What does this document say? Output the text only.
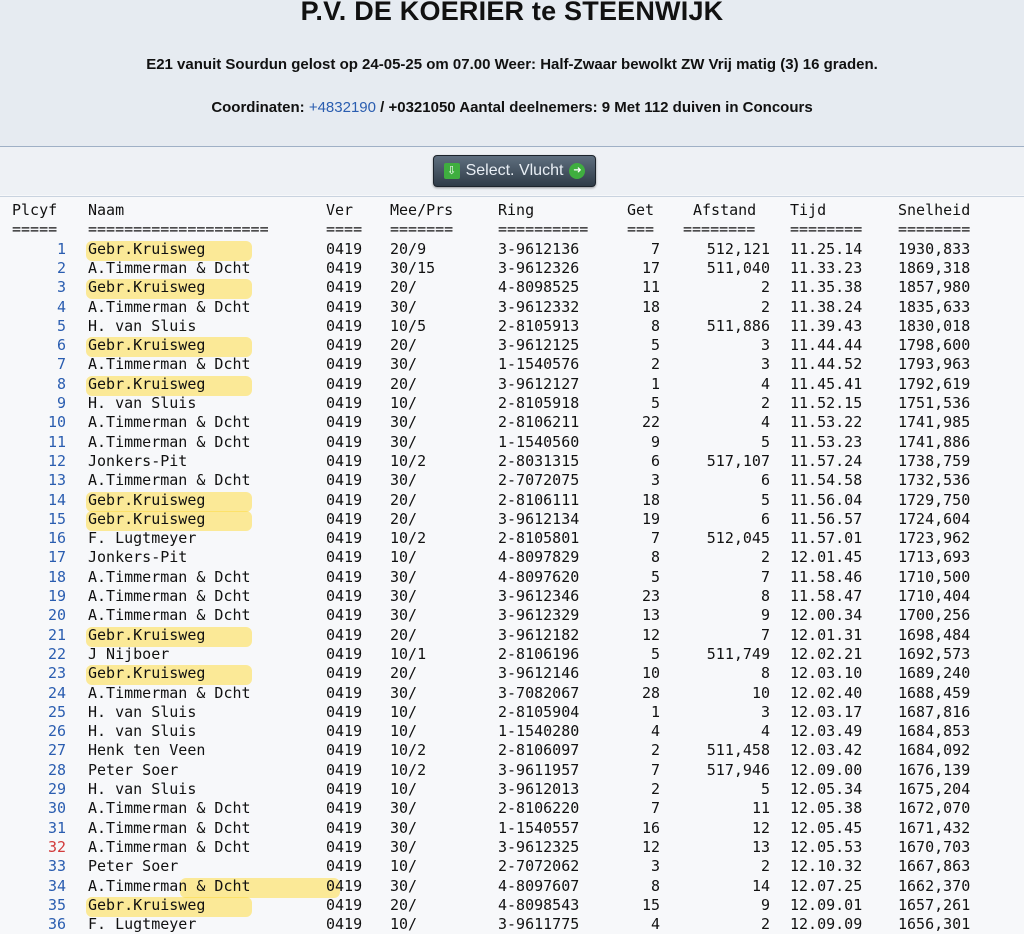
P.V. DE KOERIER te STEENWIJK
E21 vanuit Sourdun gelost op 24-05-25 om 07.00 Weer: Half-Zwaar bewolkt ZW Vrij matig (3) 16 graden.
Coordinaten: +4832190 / +0321050 Aantal deelnemers: 9 Met 112 duiven in Concours
⇩ Select. Vlucht ➜
Plcyf	Naam	Ver Mee/Prs	Ring	Get	Afstand Tijd	Snelheid
=====	====================	==== =======	==========	=== ======== ======== ========
1 Gebr.Kruisweg	0419 20/9	3-9612136	7	512,121 11.25.14 1930,833
2 A.Timmerman & Dcht	0419 30/15	3-9612326	17	511,040 11.33.23 1869,318
3 Gebr.Kruisweg	0419 20/	4-8098525	11	2 11.35.38 1857,980
4 A.Timmerman & Dcht	0419 30/	3-9612332	18	2 11.38.24 1835,633
5 H. van Sluis	0419 10/5	2-8105913	8	511,886 11.39.43 1830,018
6 Gebr.Kruisweg	0419 20/	3-9612125	5	3 11.44.44 1798,600
7 A.Timmerman & Dcht	0419 30/	1-1540576	2	3 11.44.52 1793,963
8 Gebr.Kruisweg	0419 20/	3-9612127	1	4 11.45.41 1792,619
9 H. van Sluis	0419 10/	2-8105918	5	2 11.52.15 1751,536
10 A.Timmerman & Dcht	0419 30/	2-8106211	22	4 11.53.22 1741,985
11 A.Timmerman & Dcht	0419 30/	1-1540560	9	5 11.53.23 1741,886
12 Jonkers-Pit	0419 10/2	2-8031315	6	517,107 11.57.24 1738,759
13 A.Timmerman & Dcht	0419 30/	2-7072075	3	6 11.54.58 1732,536
14 Gebr.Kruisweg	0419 20/	2-8106111	18	5 11.56.04 1729,750
15 Gebr.Kruisweg	0419 20/	3-9612134	19	6 11.56.57 1724,604
16 F. Lugtmeyer	0419 10/2	2-8105801	7	512,045 11.57.01 1723,962
17 Jonkers-Pit	0419 10/	4-8097829	8	2 12.01.45 1713,693
18 A.Timmerman & Dcht	0419 30/	4-8097620	5	7 11.58.46 1710,500
19 A.Timmerman & Dcht	0419 30/	3-9612346	23	8 11.58.47 1710,404
20 A.Timmerman & Dcht	0419 30/	3-9612329	13	9 12.00.34 1700,256
21 Gebr.Kruisweg	0419 20/	3-9612182	12	7 12.01.31 1698,484
22 J Nijboer	0419 10/1	2-8106196	5	511,749 12.02.21 1692,573
23 Gebr.Kruisweg	0419 20/	3-9612146	10	8 12.03.10 1689,240
24 A.Timmerman & Dcht	0419 30/	3-7082067	28	10 12.02.40 1688,459
25 H. van Sluis	0419 10/	2-8105904	1	3 12.03.17 1687,816
26 H. van Sluis	0419 10/	1-1540280	4	4 12.03.49 1684,853
27 Henk ten Veen	0419 10/2	2-8106097	2	511,458 12.03.42 1684,092
28 Peter Soer	0419 10/2	3-9611957	7	517,946 12.09.00 1676,139
29 H. van Sluis	0419 10/	3-9612013	2	5 12.05.34 1675,204
30 A.Timmerman & Dcht	0419 30/	2-8106220	7	11 12.05.38 1672,070
31 A.Timmerman & Dcht	0419 30/	1-1540557	16	12 12.05.45 1671,432
32 A.Timmerman & Dcht	0419 30/	3-9612325	12	13 12.05.53 1670,703
33 Peter Soer	0419 10/	2-7072062	3	2 12.10.32 1667,863
34 A.Timmerman & Dcht	0419 30/	4-8097607	8	14 12.07.25 1662,370
35 Gebr.Kruisweg	0419 20/	4-8098543	15	9 12.09.01 1657,261
36 F. Lugtmeyer	0419 10/	3-9611775	4	2 12.09.09 1656,301
